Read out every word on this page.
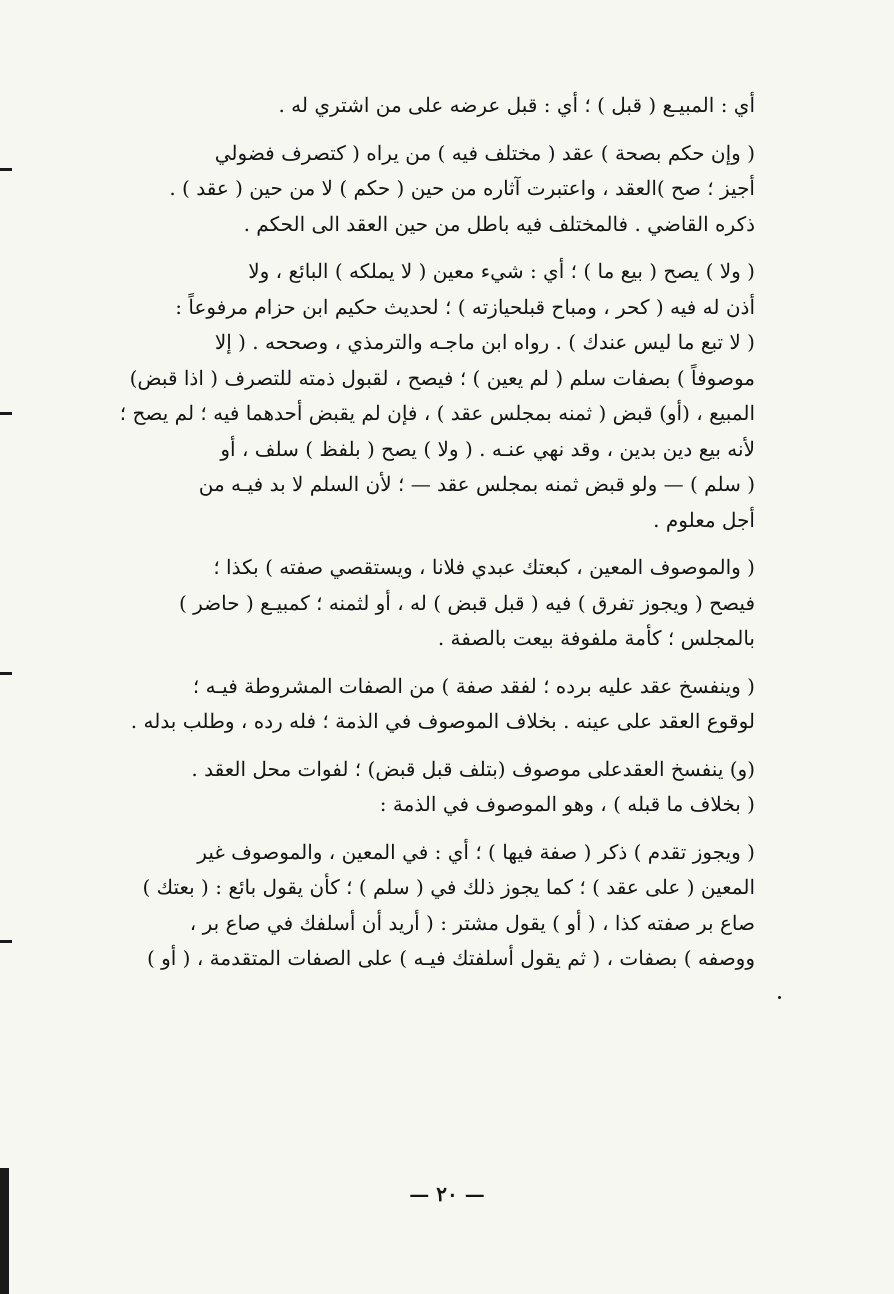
أي : المبيـع ( قبل ) ؛ أي : قبل عرضه على من اشتري له .
( وإن حكم بصحة ) عقد ( مختلف فيه ) من يراه ( كتصرف فضولي
أجيز ؛ صح )العقد ، واعتبرت آثاره من حين ( حكم ) لا من حين ( عقد ) .
ذكره القاضي . فالمختلف فيه باطل من حين العقد الى الحكم .
( ولا ) يصح ( بيع ما ) ؛ أي : شيء معين ( لا يملكه ) البائع ، ولا
أذن له فيه ( كحر ، ومباح قبلحيازته ) ؛ لحديث حكيم ابن حزام مرفوعاً :
( لا تبع ما ليس عندك ) . رواه ابن ماجـه والترمذي ، وصححه . ( إلا
موصوفاً ) بصفات سلم ( لم يعين ) ؛ فيصح ، لقبول ذمته للتصرف ( اذا قبض)
المبيع ، (أو) قبض ( ثمنه بمجلس عقد ) ، فإن لم يقبض أحدهما فيه ؛ لم يصح ؛
لأنه بيع دين بدين ، وقد نهي عنـه . ( ولا ) يصح ( بلفظ ) سلف ، أو
( سلم ) — ولو قبض ثمنه بمجلس عقد — ؛ لأن السلم لا بد فيـه من
أجل معلوم .
( والموصوف المعين ، كبعتك عبدي فلانا ، ويستقصي صفته ) بكذا ؛
فيصح ( ويجوز تفرق ) فيه ( قبل قبض ) له ، أو لثمنه ؛ كمبيـع ( حاضر )
بالمجلس ؛ كأمة ملفوفة بيعت بالصفة .
( وينفسخ عقد عليه برده ؛ لفقد صفة ) من الصفات المشروطة فيـه ؛
لوقوع العقد على عينه . بخلاف الموصوف في الذمة ؛ فله رده ، وطلب بدله .
(و) ينفسخ العقدعلى موصوف (بتلف قبل قبض) ؛ لفوات محل العقد .
( بخلاف ما قبله ) ، وهو الموصوف في الذمة :
( ويجوز تقدم ) ذكر ( صفة فيها ) ؛ أي : في المعين ، والموصوف غير
المعين ( على عقد ) ؛ كما يجوز ذلك في ( سلم ) ؛ كأن يقول بائع : ( بعتك )
صاع بر صفته كذا ، ( أو ) يقول مشتر : ( أريد أن أسلفك في صاع بر ،
ووصفه ) بصفات ، ( ثم يقول أسلفتك فيـه ) على الصفات المتقدمة ، ( أو )
— ٢٠ —
